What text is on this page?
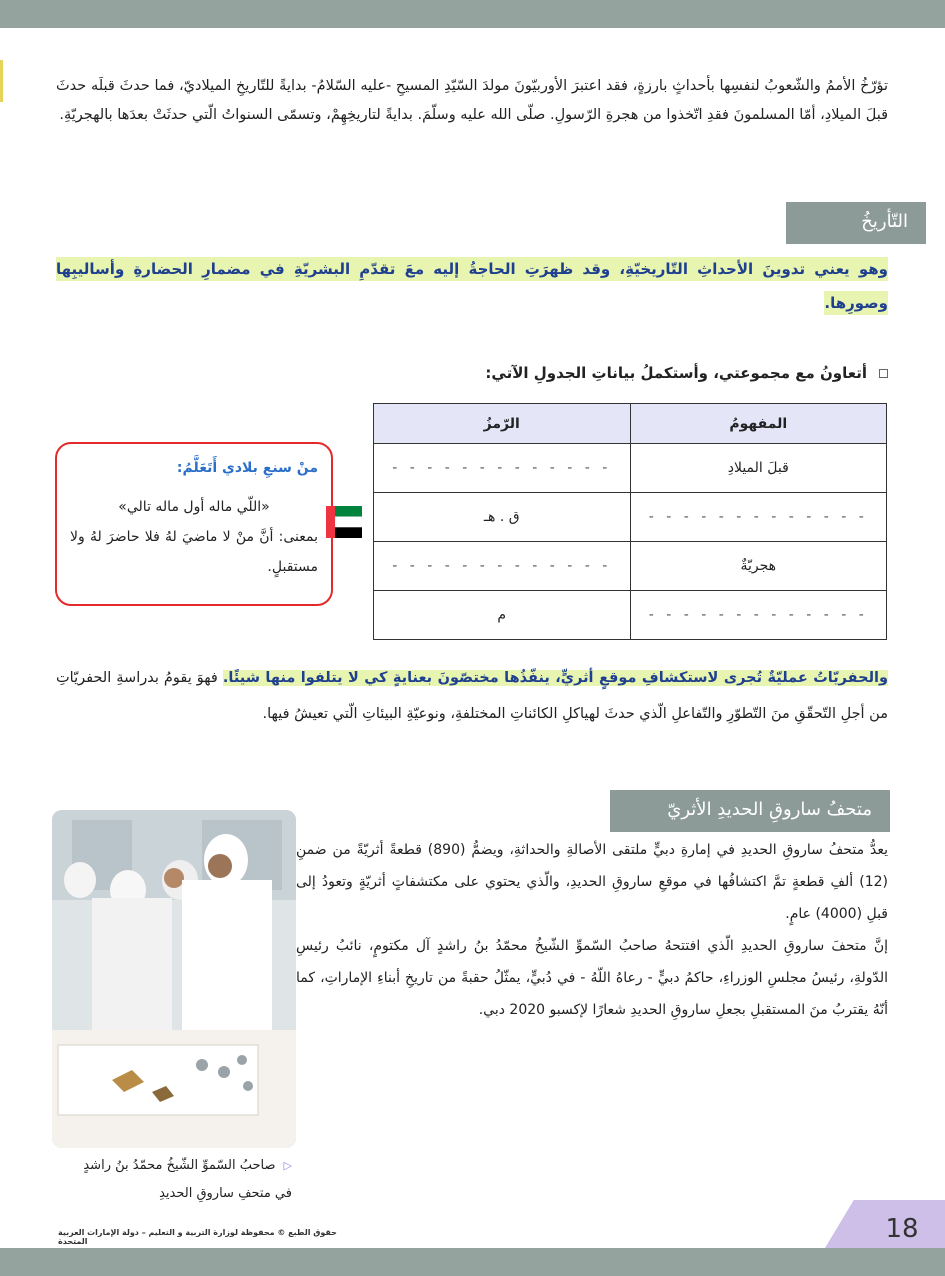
تؤرّخُ الأممُ والشّعوبُ لنفسِها بأحداثٍ بارزةٍ، فقد اعتبرَ الأوربيّونَ مولدَ السّيّدِ المسيحِ -عليه السّلامُ- بدايةً للتّاريخِ الميلاديّ، فما حدثَ قبلَه حدثَ قبلَ الميلادِ، أمّا المسلمونَ فقدِ اتّخذوا من هجرةِ الرّسولِ. صلّى الله عليه وسلّمَ. بدايةً لتاريخِهِمْ، وتسمّى السنواتُ الّتي حدثَتْ بعدَها بالهجريّةِ.
التّأريخُ
وهو يعني تدوينَ الأحداثِ التّاريخيّةِ، وقد ظهرَتِ الحاجةُ إليه معَ تقدّمِ البشريّةِ في مضمارِ الحضارةِ وأساليبِها وصورِها.
أتعاونُ مع مجموعتي، وأستكملُ بياناتِ الجدولِ الآتي:
المفهومُ	الرّمزُ
قبلَ الميلادِ	- - - - - - - - - - - - -
- - - - - - - - - - - - -	ق . هـ
هجريّةٌ	- - - - - - - - - - - - -
- - - - - - - - - - - - -	م
منْ سنعِ بلادي أَتَعَلَّمُ:
«اللّي ماله أول ماله تالي»
بمعنى: أنَّ منْ لا ماضيَ لهُ فلا حاضرَ لهُ ولا مستقبلٍ.
والحفريّاتُ عمليّةٌ تُجرى لاستكشافِ موقعٍ أثريٍّ، ينفّذُها مختصّونَ بعنايةٍ كي لا يتلفوا منها شيئًا. فهوَ يقومُ بدراسةِ الحفريّاتِ من أجلِ التّحقّقِ منَ التّطوّرِ والتّفاعلِ الّذي حدثَ لهياكلِ الكائناتِ المختلفةِ، ونوعيّةِ البيئاتِ الّتي تعيشُ فيها.
متحفُ ساروقِ الحديدِ الأثريّ
يعدُّ متحفُ ساروقِ الحديدِ في إمارةِ دبيٍّ ملتقى الأصالةِ والحداثةِ، ويضمُّ (890) قطعةً أثريّةً من ضمنِ (12) ألفِ قطعةٍ تمَّ اكتشافُها في موقعِ ساروقِ الحديدِ، والّذي يحتوي على مكتشفاتٍ أثريّةٍ وتعودُ إلى قبلِ (4000) عامٍ.
إنَّ متحفَ ساروقِ الحديدِ الّذي افتتحهُ صاحبُ السّموِّ الشّيخُ محمّدُ بنُ راشدٍ آل مكتومٍ، نائبُ رئيسِ الدّولةِ، رئيسُ مجلسِ الوزراءِ، حاكمُ دبيٍّ - رعاهُ اللّهُ - في دُبيٍّ، يمثّلُ حقبةً من تاريخِ أبناءِ الإماراتِ، كما أنّهُ يقتربُ منَ المستقبلِ بجعلِ ساروقِ الحديدِ شعارًا لإكسبو 2020 دبي.
▷صاحبُ السّموِّ الشّيخُ محمّدُ بنُ راشدٍ في متحفِ ساروقِ الحديدِ
حقوق الطبع © محفوظة لوزارة التربية و التعليم – دولة الإمارات العربية المتحدة	18
